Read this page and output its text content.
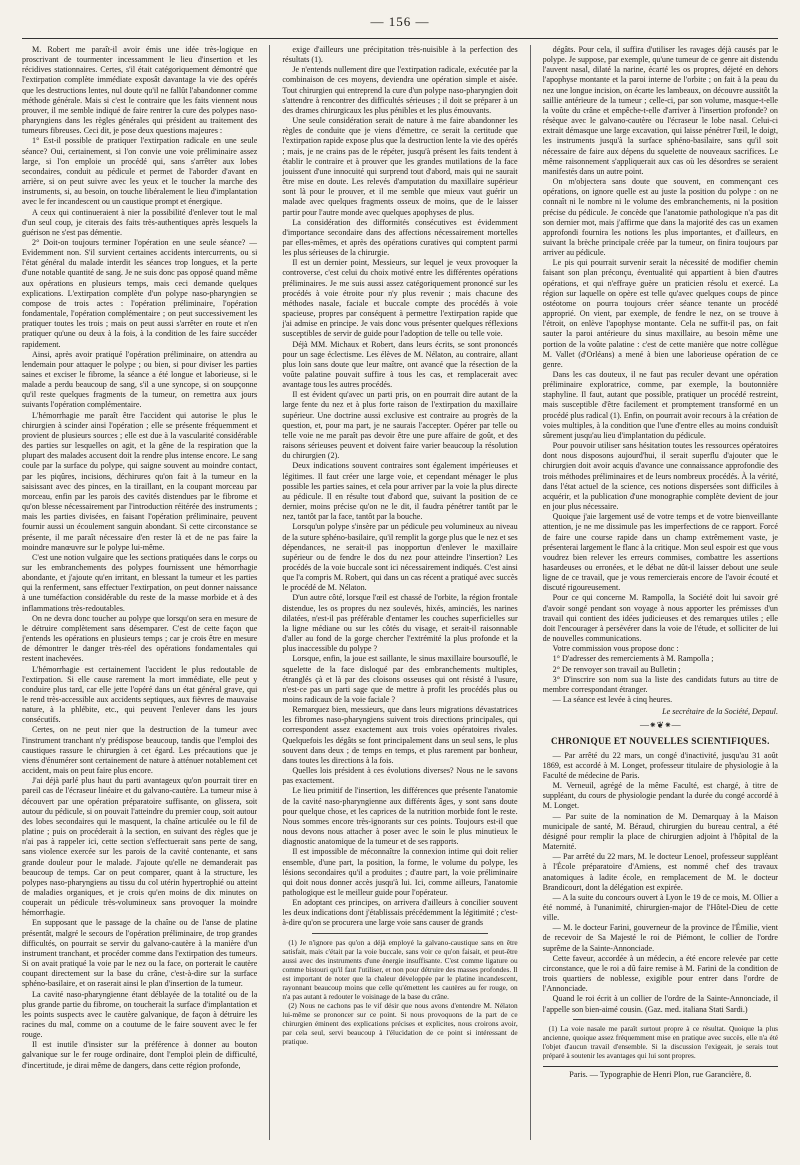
— 156 —

M. Robert me paraît-il avoir émis une idée très-logique en proscrivant de tourmenter incessamment le lieu d'insertion et les récidives stationnaires. Certes, s'il était catégoriquement démontré que l'extirpation complète immédiate exposât davantage la vie des opérés que les destructions lentes, nul doute qu'il ne fallût l'abandonner comme méthode générale. Mais si c'est le contraire que les faits viennent nous prouver, il me semble indiqué de faire rentrer la cure des polypes naso-pharyngiens dans les règles générales qui président au traitement des tumeurs fibreuses. Ceci dit, je pose deux questions majeures :

1° Est-il possible de pratiquer l'extirpation radicale en une seule séance? Oui, certainement, si l'on convie une voie préliminaire assez large, si l'on emploie un procédé qui, sans s'arrêter aux lobes secondaires, conduit au pédicule et permet de l'aborder d'avant en arrière, si on peut suivre avec les yeux et le toucher la marche des instruments, si, au besoin, on touche libéralement le lieu d'implantation avec le fer incandescent ou un caustique prompt et énergique.

A ceux qui continueraient à nier la possibilité d'enlever tout le mal d'un seul coup, je citerais des faits très-authentiques après lesquels la guérison ne s'est pas démentie.

2° Doit-on toujours terminer l'opération en une seule séance? — Evidemment non. S'il survient certaines accidents intercurrents, ou si l'état général du malade interdit les séances trop longues, et la perte d'une notable quantité de sang. Je ne suis donc pas opposé quand même aux opérations en plusieurs temps, mais ceci demande quelques explications. L'extirpation complète d'un polype naso-pharyngien se compose de trois actes : l'opération préliminaire, l'opération fondamentale, l'opération complémentaire ; on peut successivement les pratiquer toutes les trois ; mais on peut aussi s'arrêter en route et n'en pratiquer qu'une ou deux à la fois, à la condition de les faire succéder rapidement.

Ainsi, après avoir pratiqué l'opération préliminaire, on attendra au lendemain pour attaquer le polype ; ou bien, si pour diviser les parties saines et exciser le fibrome, la séance a été longue et laborieuse, si le malade a perdu beaucoup de sang, s'il a une syncope, si on soupçonne qu'il reste quelques fragments de la tumeur, on remettra aux jours suivants l'opération complémentaire.

L'hémorrhagie me paraît être l'accident qui autorise le plus le chirurgien à scinder ainsi l'opération ; elle se présente fréquemment et provient de plusieurs sources ; elle est due à la vascularité considérable des parties sur lesquelles on agit, et la gêne de la respiration que la plupart des malades accusent doit la rendre plus intense encore. Le sang coule par la surface du polype, qui saigne souvent au moindre contact, par les piqûres, incisions, déchirures qu'on fait à la tumeur en la saisissant avec des pinces, en la tiraillant, en la coupant morceau par morceau, enfin par les parois des cavités distendues par le fibrome et qu'on blesse nécessairement par l'introduction réitérée des instruments ; mais les parties divisées, en faisant l'opération préliminaire, peuvent fournir aussi un écoulement sanguin abondant. Si cette circonstance se présente, il me paraît nécessaire d'en rester là et de ne pas faire la moindre manœuvre sur le polype lui-même.

C'est une notion vulgaire que les sections pratiquées dans le corps ou sur les embranchements des polypes fournissent une hémorrhagie abondante, et j'ajoute qu'en irritant, en blessant la tumeur et les parties qui la renferment, sans effectuer l'extirpation, on peut donner naissance à une tuméfaction considérable du reste de la masse morbide et à des inflammations très-redoutables.

On ne devra donc toucher au polype que lorsqu'on sera en mesure de le détruire complètement sans désemparer. C'est de cette façon que j'entends les opérations en plusieurs temps ; car je crois être en mesure de démontrer le danger très-réel des opérations fondamentales qui restent inachevées.

L'hémorrhagie est certainement l'accident le plus redoutable de l'extirpation. Si elle cause rarement la mort immédiate, elle peut y conduire plus tard, car elle jette l'opéré dans un état général grave, qui le rend très-accessible aux accidents septiques, aux fièvres de mauvaise nature, à la phlébite, etc., qui peuvent l'enlever dans les jours consécutifs.

Certes, on ne peut nier que la destruction de la tumeur avec l'instrument tranchant n'y prédispose beaucoup, tandis que l'emploi des caustiques rassure le chirurgien à cet égard. Les précautions que je viens d'énumérer sont certainement de nature à atténuer notablement cet accident, mais on peut faire plus encore.

J'ai déjà parlé plus haut du parti avantageux qu'on pourrait tirer en pareil cas de l'écraseur linéaire et du galvano-cautère. La tumeur mise à découvert par une opération préparatoire suffisante, on glissera, soit autour du pédicule, si on pouvait l'atteindre du premier coup, soit autour des lobes secondaires qui le masquent, la chaîne articulée ou le fil de platine ; puis on procéderait à la section, en suivant des règles que je n'ai pas à rappeler ici, cette section s'effectuerait sans perte de sang, sans violence exercée sur les parois de la cavité contenante, et sans grande douleur pour le malade. J'ajoute qu'elle ne demanderait pas beaucoup de temps. Car on peut comparer, quant à la structure, les polypes naso-pharyngiens au tissu du col utérin hypertrophié ou atteint de maladies organiques, et je crois qu'en moins de dix minutes on couperait un pédicule très-volumineux sans provoquer la moindre hémorrhagie.

En supposant que le passage de la chaîne ou de l'anse de platine présentât, malgré le secours de l'opération préliminaire, de trop grandes difficultés, on pourrait se servir du galvano-cautère à la manière d'un instrument tranchant, et procéder comme dans l'extirpation des tumeurs. Si on avait pratiqué la voie par le nez ou la face, on porterait le cautère coupant directement sur la base du crâne, c'est-à-dire sur la surface sphéno-basilaire, et on raserait ainsi le plan d'insertion de la tumeur.

La cavité naso-pharyngienne étant déblayée de la totalité ou de la plus grande partie du fibrome, on toucherait la surface d'implantation et les points suspects avec le cautère galvanique, de façon à détruire les racines du mal, comme on a coutume de le faire souvent avec le fer rouge.

Il est inutile d'insister sur la préférence à donner au bouton galvanique sur le fer rouge ordinaire, dont l'emploi plein de difficulté, d'incertitude, je dirai même de dangers, dans cette région profonde,

exige d'ailleurs une précipitation très-nuisible à la perfection des résultats (1).

Je n'entends nullement dire que l'extirpation radicale, exécutée par la combinaison de ces moyens, deviendra une opération simple et aisée. Tout chirurgien qui entreprend la cure d'un polype naso-pharyngien doit s'attendre à rencontrer des difficultés sérieuses ; il doit se préparer à un des drames chirurgicaux les plus pénibles et les plus émouvants.

Une seule considération serait de nature à me faire abandonner les règles de conduite que je viens d'émettre, ce serait la certitude que l'extirpation rapide expose plus que la destruction lente la vie des opérés ; mais, je ne crains pas de le répéter, jusqu'à présent les faits tendent à établir le contraire et à prouver que les grandes mutilations de la face jouissent d'une innocuité qui surprend tout d'abord, mais qui ne saurait être mise en doute. Les relevés d'amputation du maxillaire supérieur sont là pour le prouver, et il me semble que mieux vaut guérir un malade avec quelques fragments osseux de moins, que de le laisser partir pour l'autre monde avec quelques apophyses de plus.

La considération des difformités consécutives est évidemment d'importance secondaire dans des affections nécessairement mortelles par elles-mêmes, et après des opérations curatives qui comptent parmi les plus sérieuses de la chirurgie.

Il est un dernier point, Messieurs, sur lequel je veux provoquer la controverse, c'est celui du choix motivé entre les différentes opérations préliminaires. Je me suis aussi assez catégoriquement prononcé sur les procédés à voie étroite pour n'y plus revenir ; mais chacune des méthodes nasale, faciale et buccale compte des procédés à voie spacieuse, propres par conséquent à permettre l'extirpation rapide que j'ai admise en principe. Je vais donc vous présenter quelques réflexions susceptibles de servir de guide pour l'adoption de telle ou telle voie.

Déjà MM. Michaux et Robert, dans leurs écrits, se sont prononcés pour un sage éclectisme. Les élèves de M. Nélaton, au contraire, allant plus loin sans doute que leur maître, ont avancé que la résection de la voûte palatine pouvait suffire à tous les cas, et remplacerait avec avantage tous les autres procédés.

Il est évident qu'avec un parti pris, on en pourrait dire autant de la large fente du nez et à plus forte raison de l'extirpation du maxillaire supérieur. Une doctrine aussi exclusive est contraire au progrès de la question, et, pour ma part, je ne saurais l'accepter. Opérer par telle ou telle voie ne me paraît pas devoir être une pure affaire de goût, et des raisons sérieuses peuvent et doivent faire varier beaucoup la résolution du chirurgien (2).

Deux indications souvent contraires sont également impérieuses et légitimes. Il faut créer une large voie, et cependant ménager le plus possible les parties saines, et cela pour arriver par la voie la plus directe au pédicule. Il en résulte tout d'abord que, suivant la position de ce dernier, moins précise qu'on ne le dit, il faudra pénétrer tantôt par le nez, tantôt par la face, tantôt par la bouche.

Lorsqu'un polype s'insère par un pédicule peu volumineux au niveau de la suture sphéno-basilaire, qu'il remplit la gorge plus que le nez et ses dépendances, ne serait-il pas inopportun d'enlever le maxillaire supérieur ou de fendre le dos du nez pour atteindre l'insertion? Les procédés de la voie buccale sont ici nécessairement indiqués. C'est ainsi que l'a compris M. Robert, qui dans un cas récent a pratiqué avec succès le procédé de M. Nélaton.

D'un autre côté, lorsque l'œil est chassé de l'orbite, la région frontale distendue, les os propres du nez soulevés, hixés, aminciés, les narines dilatées, n'est-il pas préférable d'entamer les couches superficielles sur la ligne médiane ou sur les côtés du visage, et serait-il raisonnable d'aller au fond de la gorge chercher l'extrémité la plus profonde et la plus inaccessible du polype ?

Lorsque, enfin, la joue est saillante, le sinus maxillaire boursouflé, le squelette de la face disloqué par des embranchements multiples, étranglés çà et là par des cloisons osseuses qui ont résisté à l'usure, n'est-ce pas un parti sage que de mettre à profit les procédés plus ou moins radicaux de la voie faciale ?

Remarquez bien, messieurs, que dans leurs migrations dévastatrices les fibromes naso-pharyngiens suivent trois directions principales, qui correspondent assez exactement aux trois voies opératoires rivales. Quelquefois les dégâts se font principalement dans un seul sens, le plus souvent dans deux ; de temps en temps, et plus rarement par bonheur, dans toutes les directions à la fois.

Quelles lois président à ces évolutions diverses? Nous ne le savons pas exactement.

Le lieu primitif de l'insertion, les différences que présente l'anatomie de la cavité naso-pharyngienne aux différents âges, y sont sans doute pour quelque chose, et les caprices de la nutrition morbide font le reste. Nous sommes encore très-ignorants sur ces points. Toujours est-il que nous devons nous attacher à poser avec le soin le plus minutieux le diagnostic anatomique de la tumeur et de ses rapports.

Il est impossible de méconnaître la connexion intime qui doit relier ensemble, d'une part, la position, la forme, le volume du polype, les lésions secondaires qu'il a produites ; d'autre part, la voie préliminaire qui doit nous donner accès jusqu'à lui. Ici, comme ailleurs, l'anatomie pathologique est le meilleur guide pour l'opérateur.

En adoptant ces principes, on arrivera d'ailleurs à concilier souvent les deux indications dont j'établissais précédemment la légitimité ; c'est-à-dire qu'on se procurera une large voie sans causer de grands

(1) Je n'ignore pas qu'on a déjà employé la galvano-caustique sans en être satisfait, mais c'était par la voie buccale, sans voir ce qu'on faisait, et peut-être aussi avec des instruments d'une énergie insuffisante. C'est comme ligature ou comme bistouri qu'il faut l'utiliser, et non pour détruire des masses profondes. Il est important de noter que la chaleur développée par le platine incandescent, rayonnant beaucoup moins que celle qu'émettent les cautères au fer rouge, on n'a pas autant à redouter le voisinage de la base du crâne.

(2) Nous ne cachons pas le vif désir que nous avons d'entendre M. Nélaton lui-même se prononcer sur ce point. Si nous provoquons de la part de ce chirurgien éminent des explications précises et explicites, nous croirons avoir, par cela seul, servi beaucoup à l'élucidation de ce point si intéressant de pratique.

dégâts. Pour cela, il suffira d'utiliser les ravages déjà causés par le polype. Je suppose, par exemple, qu'une tumeur de ce genre ait distendu l'auvent nasal, dilaté la narine, écarté les os propres, déjeté en dehors l'apophyse montante et la paroi interne de l'orbite ; on fait à la peau du nez une longue incision, on écarte les lambeaux, on découvre aussitôt la saillie antérieure de la tumeur ; celle-ci, par son volume, masque-t-elle la voûte du crâne et empêche-t-elle d'arriver à l'insertion profonde? on résèque avec le galvano-cautère ou l'écraseur le lobe nasal. Celui-ci extrait démasque une large excavation, qui laisse pénétrer l'œil, le doigt, les instruments jusqu'à la surface sphéno-basilaire, sans qu'il soit nécessaire de faire aux dépens du squelette de nouveaux sacrifices. Le même raisonnement s'appliquerait aux cas où les désordres se seraient manifestés dans un autre point.

On m'objectera sans doute que souvent, en commençant ces opérations, on ignore quelle est au juste la position du polype : on ne connaît ni le nombre ni le volume des embranchements, ni la position précise du pédicule. Je concède que l'anatomie pathologique n'a pas dit son dernier mot, mais j'affirme que dans la majorité des cas un examen approfondi fournira les notions les plus importantes, et d'ailleurs, en suivant la brèche principale créée par la tumeur, on finira toujours par arriver au pédicule.

Le pis qui pourrait survenir serait la nécessité de modifier chemin faisant son plan préconçu, éventualité qui appartient à bien d'autres opérations, et qui n'effraye guère un praticien résolu et exercé. La région sur laquelle on opère est telle qu'avec quelques coups de pince ostéotome on pourra toujours créer séance tenante un procédé approprié. On vient, par exemple, de fendre le nez, on se trouve à l'étroit, on enlève l'apophyse montante. Cela ne suffit-il pas, on fait sauter la paroi antérieure du sinus maxillaire, au besoin même une portion de la voûte palatine : c'est de cette manière que notre collègue M. Vallet (d'Orléans) a mené à bien une laborieuse opération de ce genre.

Dans les cas douteux, il ne faut pas reculer devant une opération préliminaire exploratrice, comme, par exemple, la boutonnière staphyline. Il faut, autant que possible, pratiquer un procédé restreint, mais susceptible d'être facilement et promptement transformé en un procédé plus radical (1). Enfin, on pourrait avoir recours à la création de voies multiples, à la condition que l'une d'entre elles au moins conduisît sûrement jusqu'au lieu d'implantation du pédicule.

Pour pouvoir utiliser sans hésitation toutes les ressources opératoires dont nous disposons aujourd'hui, il serait superflu d'ajouter que le chirurgien doit avoir acquis d'avance une connaissance approfondie des trois méthodes préliminaires et de leurs nombreux procédés. À la vérité, dans l'état actuel de la science, ces notions dispersées sont difficiles à acquérir, et la publication d'une monographie complète devient de jour en jour plus nécessaire.

Quoique j'aie largement usé de votre temps et de votre bienveillante attention, je ne me dissimule pas les imperfections de ce rapport. Forcé de faire une course rapide dans un champ extrêmement vaste, je présenterai largement le flanc à la critique. Mon seul espoir est que vous voudrez bien relever les erreurs commises, combattre les assertions hasardeuses ou erronées, et le débat ne dût-il laisser debout une seule ligne de ce travail, que je vous remercierais encore de l'avoir écouté et discuté rigoureusement.

Pour ce qui concerne M. Rampolla, la Société doit lui savoir gré d'avoir songé pendant son voyage à nous apporter les prémisses d'un travail qui contient des idées judicieuses et des remarques utiles ; elle doit l'encourager à persévérer dans la voie de l'étude, et solliciter de lui de nouvelles communications.

Votre commission vous propose donc :

1° D'adresser des remerciements à M. Rampolla ;

2° De renvoyer son travail au Bulletin ;

3° D'inscrire son nom sua la liste des candidats futurs au titre de membre correspondant étranger.

— La séance est levée à cinq heures.

Le secrétaire de la Société, Depaul.
—⁕❦⁕—
CHRONIQUE ET NOUVELLES SCIENTIFIQUES.

— Par arrêté du 22 mars, un congé d'inactivité, jusqu'au 31 août 1869, est accordé à M. Longet, professeur titulaire de physiologie à la Faculté de médecine de Paris.

M. Verneuil, agrégé de la même Faculté, est chargé, à titre de suppléant, du cours de physiologie pendant la durée du congé accordé à M. Longet.

— Par suite de la nomination de M. Demarquay à la Maison municipale de santé, M. Béraud, chirurgien du bureau central, a été désigné pour remplir la place de chirurgien adjoint à l'hôpital de la Maternité.

— Par arrêté du 22 mars, M. le docteur Lenoel, professeur suppléant à l'École préparatoire d'Amiens, est nommé chef des travaux anatomiques à ladite école, en remplacement de M. le docteur Brandicourt, dont la délégation est expirée.

— A la suite du concours ouvert à Lyon le 19 de ce mois, M. Ollier a été nommé, à l'unanimité, chirurgien-major de l'Hôtel-Dieu de cette ville.

— M. le docteur Farini, gouverneur de la province de l'Émilie, vient de recevoir de Sa Majesté le roi de Piémont, le collier de l'ordre suprême de la Sainte-Annonciade.

Cette faveur, accordée à un médecin, a été encore relevée par cette circonstance, que le roi a dû faire remise à M. Farini de la condition de trois quartiers de noblesse, exigible pour entrer dans l'ordre de l'Annonciade.

Quand le roi écrit à un collier de l'ordre de la Sainte-Annonciade, il l'appelle son bien-aimé cousin. (Gaz. med. italiana Stati Sardi.)

(1) La voie nasale me paraît surtout propre à ce résultat. Quoique la plus ancienne, quoique assez fréquemment mise en pratique avec succès, elle n'a été l'objet d'aucun travail d'ensemble. Si la discussion l'exigeait, je serais tout préparé à soutenir les avantages qui lui sont propres.

Paris. — Typographie de Henri Plon, rue Garancière, 8.
